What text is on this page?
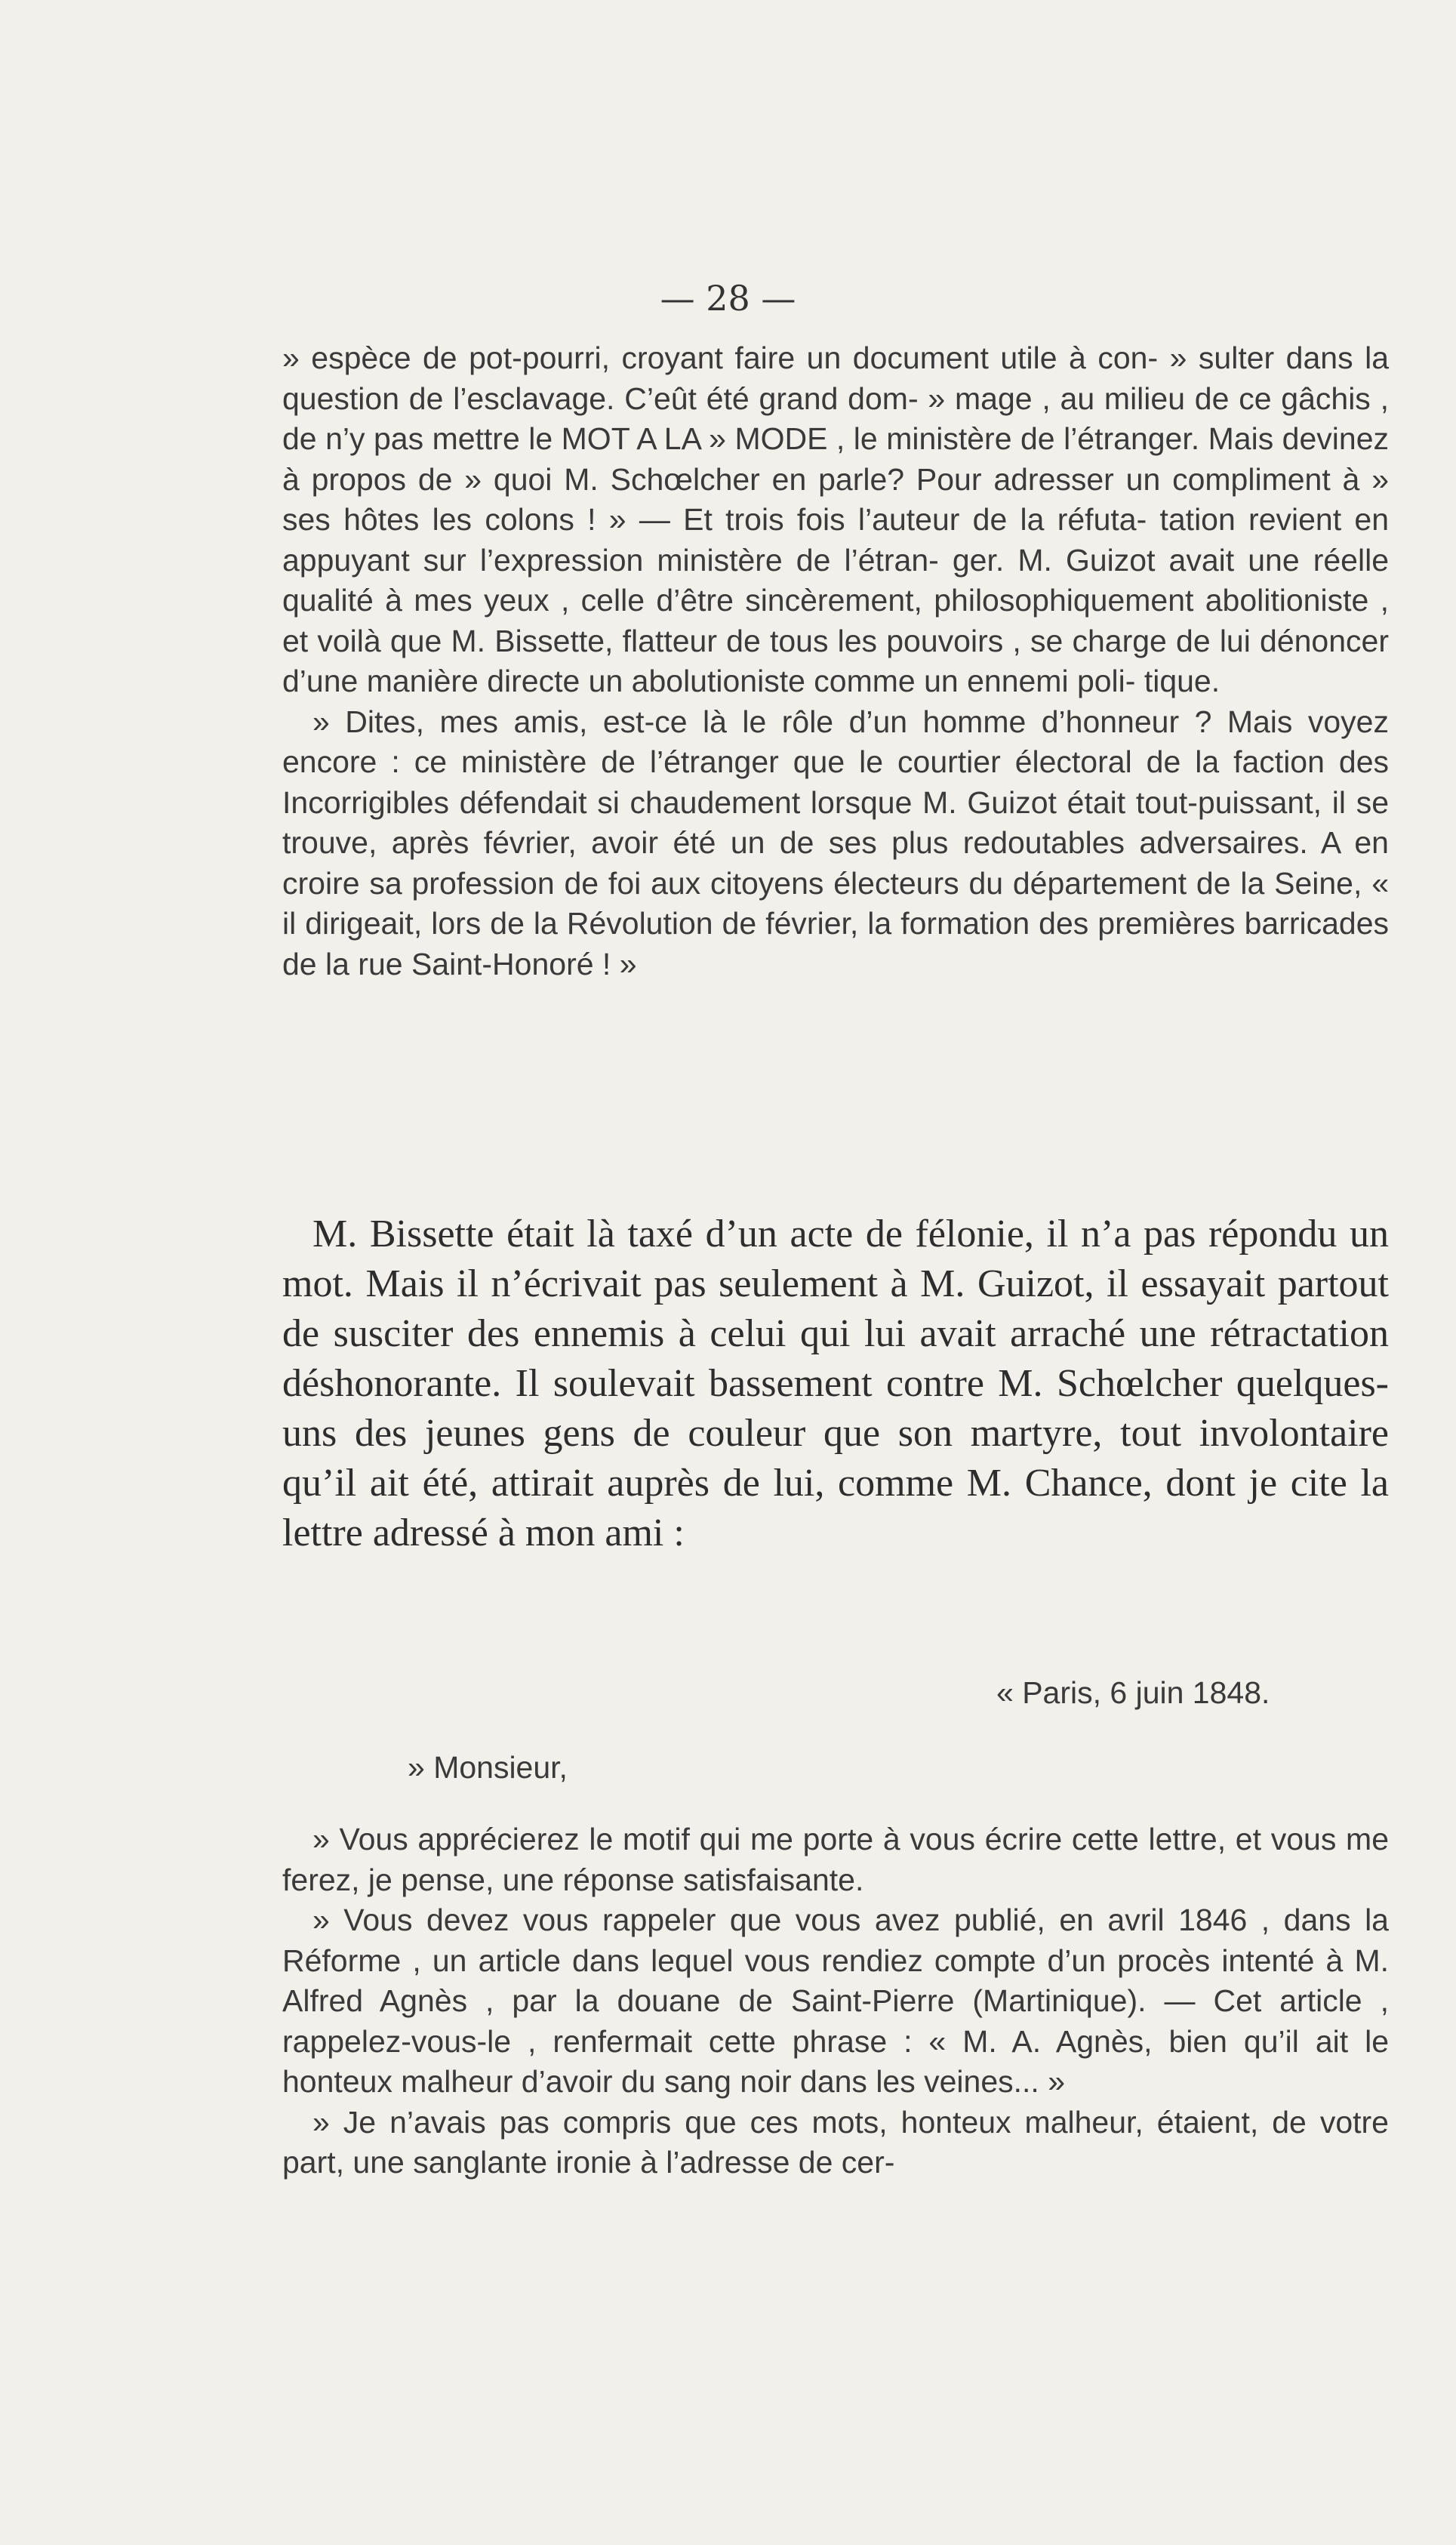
— 28 —

» espèce de pot-pourri, croyant faire un document utile à con- » sulter dans la question de l’esclavage. C’eût été grand dom- » mage , au milieu de ce gâchis , de n’y pas mettre le MOT A LA » MODE , le ministère de l’étranger. Mais devinez à propos de » quoi M. Schœlcher en parle? Pour adresser un compliment à » ses hôtes les colons ! » — Et trois fois l’auteur de la réfuta- tation revient en appuyant sur l’expression ministère de l’étran- ger. M. Guizot avait une réelle qualité à mes yeux , celle d’être sincèrement, philosophiquement abolitioniste , et voilà que M. Bissette, flatteur de tous les pouvoirs , se charge de lui dénoncer d’une manière directe un abolutioniste comme un ennemi poli- tique.

» Dites, mes amis, est-ce là le rôle d’un homme d’honneur ? Mais voyez encore : ce ministère de l’étranger que le courtier électoral de la faction des Incorrigibles défendait si chaudement lorsque M. Guizot était tout-puissant, il se trouve, après février, avoir été un de ses plus redoutables adversaires. A en croire sa profession de foi aux citoyens électeurs du département de la Seine, « il dirigeait, lors de la Révolution de février, la formation des premières barricades de la rue Saint-Honoré ! »

M. Bissette était là taxé d’un acte de félonie, il n’a pas répondu un mot. Mais il n’écrivait pas seulement à M. Guizot, il essayait partout de susciter des ennemis à celui qui lui avait arraché une rétractation déshonorante. Il soulevait bassement contre M. Schœlcher quelques-uns des jeunes gens de couleur que son martyre, tout involontaire qu’il ait été, attirait auprès de lui, comme M. Chance, dont je cite la lettre adressé à mon ami :

« Paris, 6 juin 1848.
» Monsieur,

» Vous apprécierez le motif qui me porte à vous écrire cette lettre, et vous me ferez, je pense, une réponse satisfaisante.

» Vous devez vous rappeler que vous avez publié, en avril 1846 , dans la Réforme , un article dans lequel vous rendiez compte d’un procès intenté à M. Alfred Agnès , par la douane de Saint-Pierre (Martinique). — Cet article , rappelez-vous-le , renfermait cette phrase : « M. A. Agnès, bien qu’il ait le honteux malheur d’avoir du sang noir dans les veines... »

» Je n’avais pas compris que ces mots, honteux malheur, étaient, de votre part, une sanglante ironie à l’adresse de cer-
